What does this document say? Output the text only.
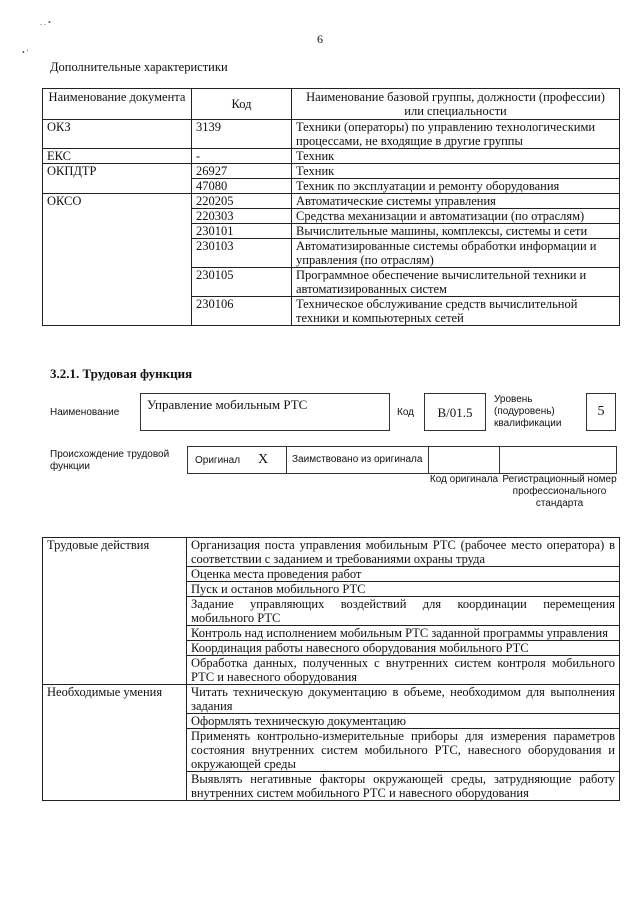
. . •
• '
6
Дополнительные характеристики
Наименование документа	Код	Наименование базовой группы, должности (профессии) или специальности
ОКЗ	3139	Техники (операторы) по управлению технологическими процессами, не входящие в другие группы
ЕКС	-	Техник
ОКПДТР	26927	Техник
	47080	Техник по эксплуатации и ремонту оборудования
ОКСО	220205	Автоматические системы управления
	220303	Средства механизации и автоматизации (по отраслям)
	230101	Вычислительные машины, комплексы, системы и сети
	230103	Автоматизированные системы обработки информации и управления (по отраслям)
	230105	Программное обеспечение вычислительной техники и автоматизированных систем
	230106	Техническое обслуживание средств вычислительной техники и компьютерных сетей
3.2.1. Трудовая функция
Наименование
Управление мобильным РТС
Код	B/01.5
Уровень (подуровень) квалификации
5
Происхождение трудовой функции
Оригинал X	Заимствовано из оригинала
Код оригинала Регистрационный номер профессионального стандарта
Трудовые действия	Организация поста управления мобильным РТС (рабочее место оператора) в соответствии с заданием и требованиями охраны труда
	Оценка места проведения работ
	Пуск и останов мобильного РТС
	Задание управляющих воздействий для координации перемещения мобильного РТС
	Контроль над исполнением мобильным РТС заданной программы управления
	Координация работы навесного оборудования мобильного РТС
	Обработка данных, полученных с внутренних систем контроля мобильного РТС и навесного оборудования
Необходимые умения	Читать техническую документацию в объеме, необходимом для выполнения задания
	Оформлять техническую документацию
	Применять контрольно-измерительные приборы для измерения параметров состояния внутренних систем мобильного РТС, навесного оборудования и окружающей среды
	Выявлять негативные факторы окружающей среды, затрудняющие работу внутренних систем мобильного РТС и навесного оборудования
